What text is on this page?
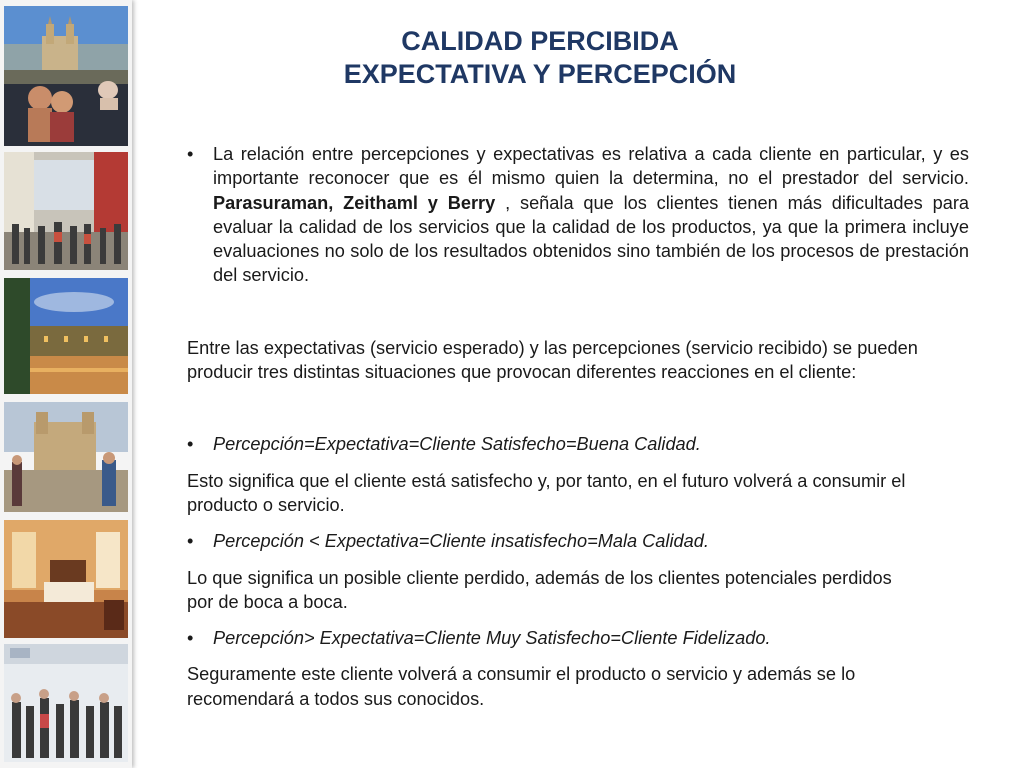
CALIDAD PERCIBIDA
EXPECTATIVA Y PERCEPCIÓN
• La relación entre percepciones y expectativas es relativa a cada cliente en particular, y es importante reconocer que es él mismo quien la determina, no el prestador del servicio. Parasuraman, Zeithaml y Berry , señala que los clientes tienen más dificultades para evaluar la calidad de los servicios que la calidad de los productos, ya que la primera incluye evaluaciones no solo de los resultados obtenidos sino también de los procesos de prestación del servicio.

Entre las expectativas (servicio esperado) y las percepciones (servicio recibido) se pueden producir tres distintas situaciones que provocan diferentes reacciones en el cliente:

• Percepción=Expectativa=Cliente Satisfecho=Buena Calidad.

Esto significa que el cliente está satisfecho y, por tanto, en el futuro volverá a consumir el producto o servicio.

• Percepción < Expectativa=Cliente insatisfecho=Mala Calidad.

Lo que significa un posible cliente perdido, además de los clientes potenciales perdidos por de boca a boca.

• Percepción> Expectativa=Cliente Muy Satisfecho=Cliente Fidelizado.

Seguramente este cliente volverá a consumir el producto o servicio y además se lo recomendará a todos sus conocidos.
